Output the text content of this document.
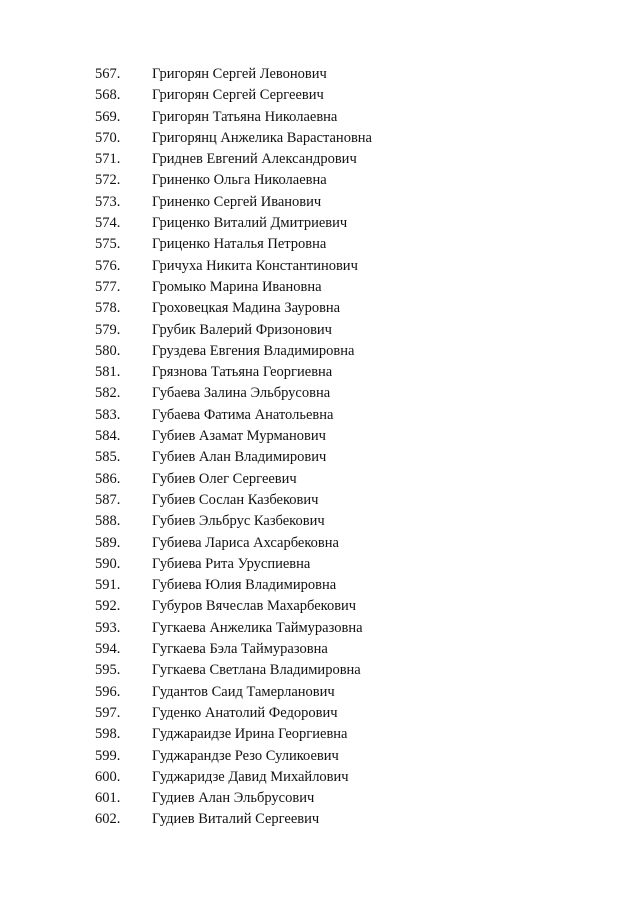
567. Григорян Сергей Левонович
568. Григорян Сергей Сергеевич
569. Григорян Татьяна Николаевна
570. Григорянц Анжелика Варастановна
571. Гриднев Евгений Александрович
572. Гриненко Ольга Николаевна
573. Гриненко Сергей Иванович
574. Гриценко Виталий Дмитриевич
575. Гриценко Наталья Петровна
576. Гричуха Никита Константинович
577. Громыко Марина Ивановна
578. Гроховецкая Мадина Зауровна
579. Грубик Валерий Фризонович
580. Груздева Евгения Владимировна
581. Грязнова Татьяна Георгиевна
582. Губаева Залина Эльбрусовна
583. Губаева Фатима Анатольевна
584. Губиев Азамат Мурманович
585. Губиев Алан Владимирович
586. Губиев Олег Сергеевич
587. Губиев Сослан Казбекович
588. Губиев Эльбрус Казбекович
589. Губиева Лариса Ахсарбековна
590. Губиева Рита Уруспиевна
591. Губиева Юлия Владимировна
592. Губуров Вячеслав Махарбекович
593. Гугкаева Анжелика Таймуразовна
594. Гугкаева Бэла Таймуразовна
595. Гугкаева Светлана Владимировна
596. Гудантов Саид Тамерланович
597. Гуденко Анатолий Федорович
598. Гуджараидзе Ирина Георгиевна
599. Гуджарандзе Резо Суликоевич
600. Гуджаридзе Давид Михайлович
601. Гудиев Алан Эльбрусович
602. Гудиев Виталий Сергеевич
